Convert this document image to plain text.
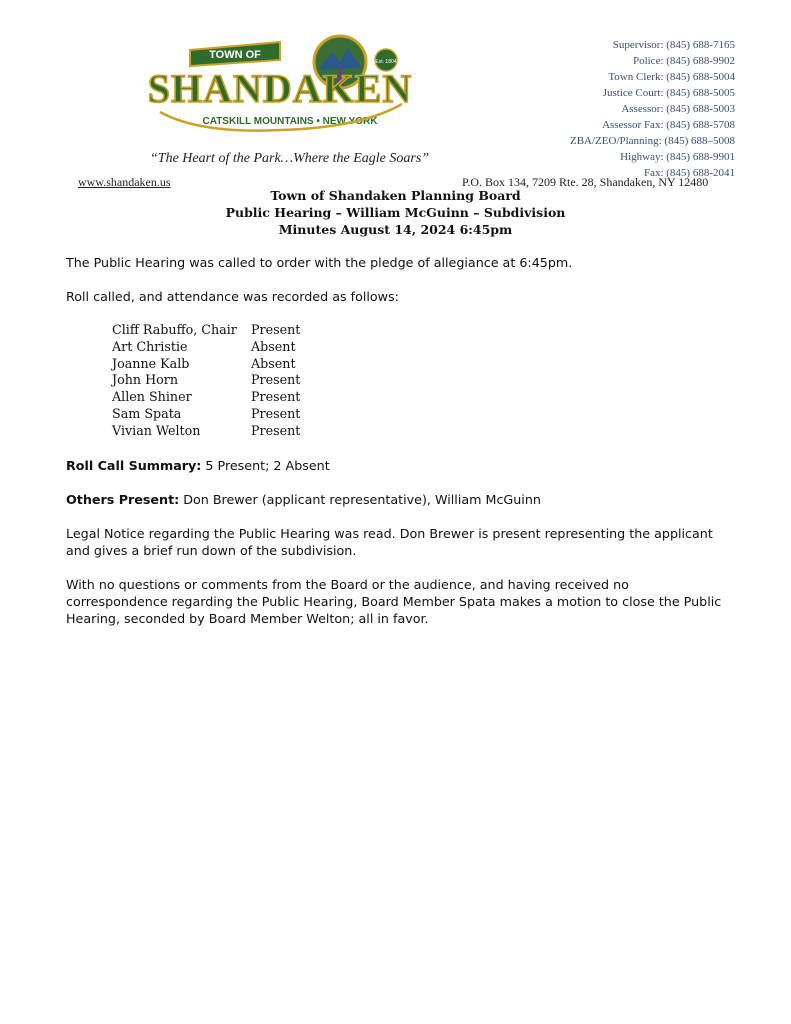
TOWN OF
Est. 1804
SHANDAKEN
CATSKILL MOUNTAINS • NEW YORK
“The Heart of the Park…Where the Eagle Soars”
www.shandaken.us	P.O. Box 134, 7209 Rte. 28, Shandaken, NY 12480
Supervisor: (845) 688-7165
Police: (845) 688-9902
Town Clerk: (845) 688-5004
Justice Court: (845) 688-5005
Assessor: (845) 688-5003
Assessor Fax: (845) 688-5708
ZBA/ZEO/Planning: (845) 688–5008
Highway: (845) 688-9901
Fax: (845) 688-2041
Town of Shandaken Planning Board
Public Hearing – William McGuinn – Subdivision
Minutes August 14, 2024 6:45pm

The Public Hearing was called to order with the pledge of allegiance at 6:45pm.

Roll called, and attendance was recorded as follows:

Cliff Rabuffo, Chair	Present
Art Christie	Absent
Joanne Kalb	Absent
John Horn	Present
Allen Shiner	Present
Sam Spata	Present
Vivian Welton	Present

Roll Call Summary: 5 Present; 2 Absent

Others Present: Don Brewer (applicant representative), William McGuinn

Legal Notice regarding the Public Hearing was read. Don Brewer is present representing the applicant and gives a brief run down of the subdivision.

With no questions or comments from the Board or the audience, and having received no correspondence regarding the Public Hearing, Board Member Spata makes a motion to close the Public Hearing, seconded by Board Member Welton; all in favor.
